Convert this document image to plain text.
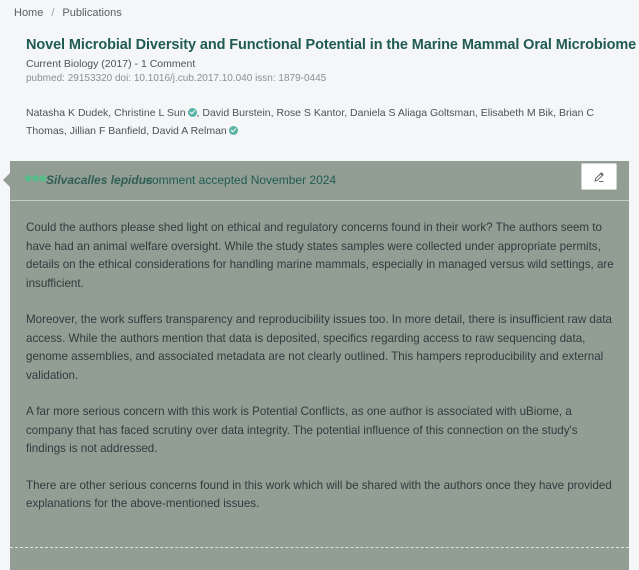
Home / Publications
Novel Microbial Diversity and Functional Potential in the Marine Mammal Oral Microbiome
Current Biology (2017) - 1 Comment
pubmed: 29153320 doi: 10.1016/j.cub.2017.10.040 issn: 1879-0445
Natasha K Dudek, Christine L Sun , David Burstein, Rose S Kantor, Daniela S Aliaga Goltsman, Elisabeth M Bik, Brian C Thomas, Jillian F Banfield, David A Relman
✱✱✱ Silvacalles lepidus
comment accepted November 2024

Could the authors please shed light on ethical and regulatory concerns found in their work? The authors seem to have had an animal welfare oversight. While the study states samples were collected under appropriate permits, details on the ethical considerations for handling marine mammals, especially in managed versus wild settings, are insufficient.

Moreover, the work suffers transparency and reproducibility issues too. In more detail, there is insufficient raw data access. While the authors mention that data is deposited, specifics regarding access to raw sequencing data, genome assemblies, and associated metadata are not clearly outlined. This hampers reproducibility and external validation.

A far more serious concern with this work is Potential Conflicts, as one author is associated with uBiome, a company that has faced scrutiny over data integrity. The potential influence of this connection on the study's findings is not addressed.

There are other serious concerns found in this work which will be shared with the authors once they have provided explanations for the above-mentioned issues.
